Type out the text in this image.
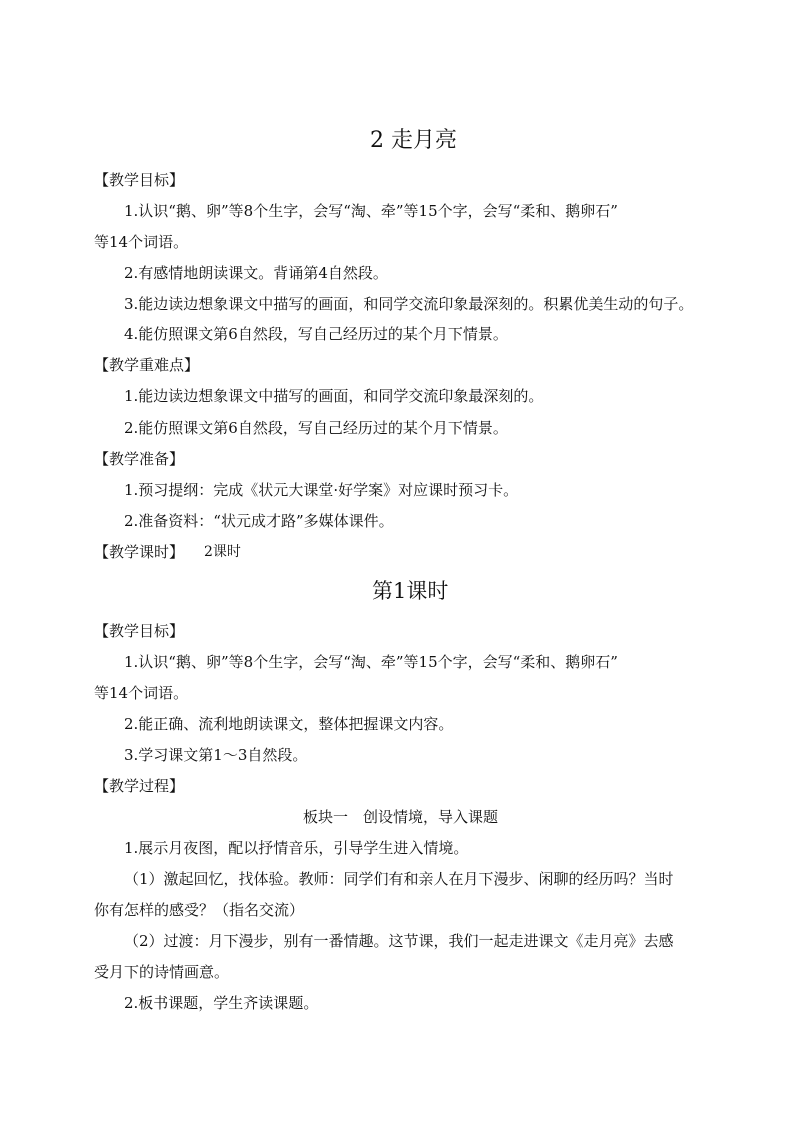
2 走月亮
【教学目标】
1.认识“鹅、卵”等8个生字，会写“淘、牵”等15个字，会写“柔和、鹅卵石”
等14个词语。
2.有感情地朗读课文。背诵第4自然段。
3.能边读边想象课文中描写的画面，和同学交流印象最深刻的。积累优美生动的句子。
4.能仿照课文第6自然段，写自己经历过的某个月下情景。
【教学重难点】
1.能边读边想象课文中描写的画面，和同学交流印象最深刻的。
2.能仿照课文第6自然段，写自己经历过的某个月下情景。
【教学准备】
1.预习提纲：完成《状元大课堂·好学案》对应课时预习卡。
2.准备资料：“状元成才路”多媒体课件。
【教学课时】 2课时
第1课时
【教学目标】
1.认识“鹅、卵”等8个生字，会写“淘、牵”等15个字，会写“柔和、鹅卵石”
等14个词语。
2.能正确、流利地朗读课文，整体把握课文内容。
3.学习课文第1～3自然段。
【教学过程】
板块一　创设情境，导入课题
1.展示月夜图，配以抒情音乐，引导学生进入情境。
（1）激起回忆，找体验。教师：同学们有和亲人在月下漫步、闲聊的经历吗？当时
你有怎样的感受？（指名交流）
（2）过渡：月下漫步，别有一番情趣。这节课，我们一起走进课文《走月亮》去感
受月下的诗情画意。
2.板书课题，学生齐读课题。
